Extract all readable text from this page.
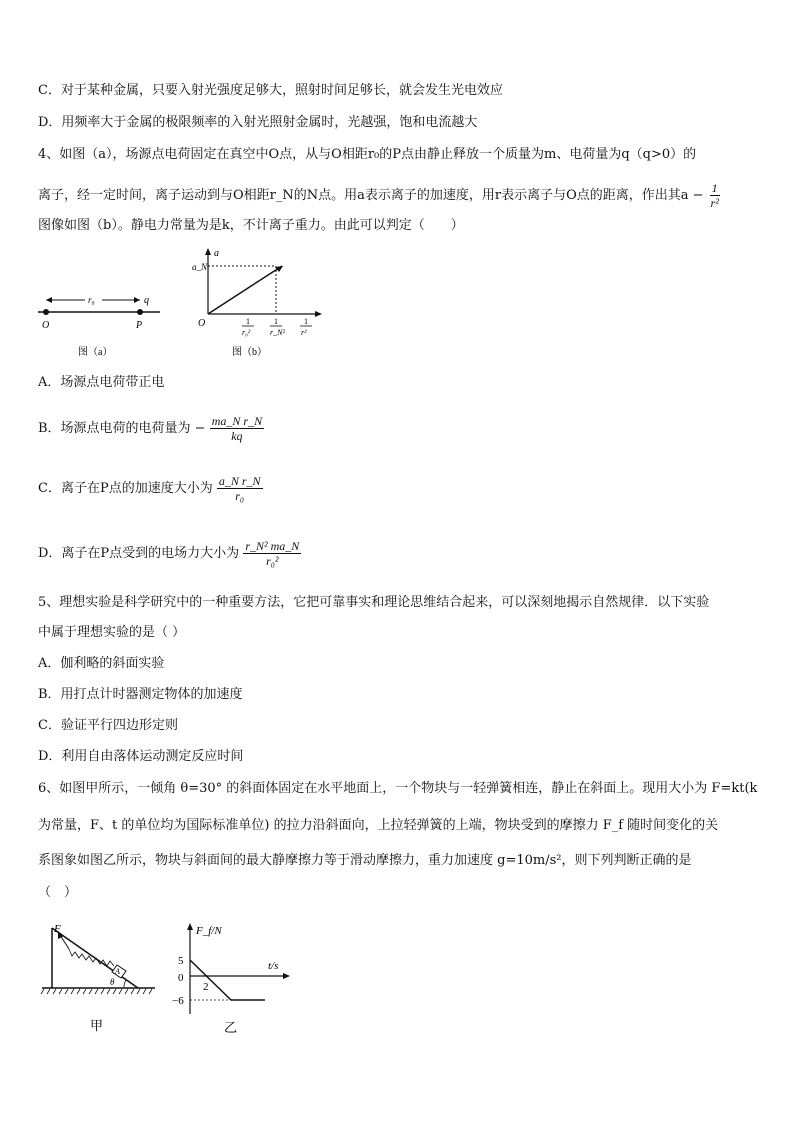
C．对于某种金属，只要入射光强度足够大，照射时间足够长，就会发生光电效应
D．用频率大于金属的极限频率的入射光照射金属时，光越强，饱和电流越大
4、如图（a），场源点电荷固定在真空中O点，从与O相距r₀的P点由静止释放一个质量为m、电荷量为q（q>0）的
离子，经一定时间，离子运动到与O相距r_N的N点。用a表示离子的加速度，用r表示离子与O点的距离，作出其$a - \frac{1}{\text{r²}}$
图像如图（b）。静电力常量为是k，不计离子重力。由此可以判定（　　）
r₀	q
O	P
图（a）
a
a_N
O	1
r₀²
1
r_N²
1
r²
图（b）
A．场源点电荷带正电
B．场源点电荷的电荷量为 − $\frac{\text{ma\_N r\_N}}{kq}$
C．离子在P点的加速度大小为 $\frac{\text{a\_N r\_N}}{\text{r₀}}$
D．离子在P点受到的电场力大小为 $\frac{\text{r\_N² ma\_N}}{\text{r₀²}}$
5、理想实验是科学研究中的一种重要方法，它把可靠事实和理论思维结合起来，可以深刻地揭示自然规律．以下实验
中属于理想实验的是（ ）
A．伽利略的斜面实验
B．用打点计时器测定物体的加速度
C．验证平行四边形定则
D．利用自由落体运动测定反应时间
6、如图甲所示，一倾角 θ=30° 的斜面体固定在水平地面上，一个物块与一轻弹簧相连，静止在斜面上。现用大小为 F=kt(k
为常量，F、t 的单位均为国际标准单位) 的拉力沿斜面向，上拉轻弹簧的上端，物块受到的摩擦力 F_f 随时间变化的关
系图象如图乙所示，物块与斜面间的最大静摩擦力等于滑动摩擦力，重力加速度 g=10m/s²，则下列判断正确的是
（　）
F
A
θ
甲
F_f/N
t/s
5
0
−6
2
乙
